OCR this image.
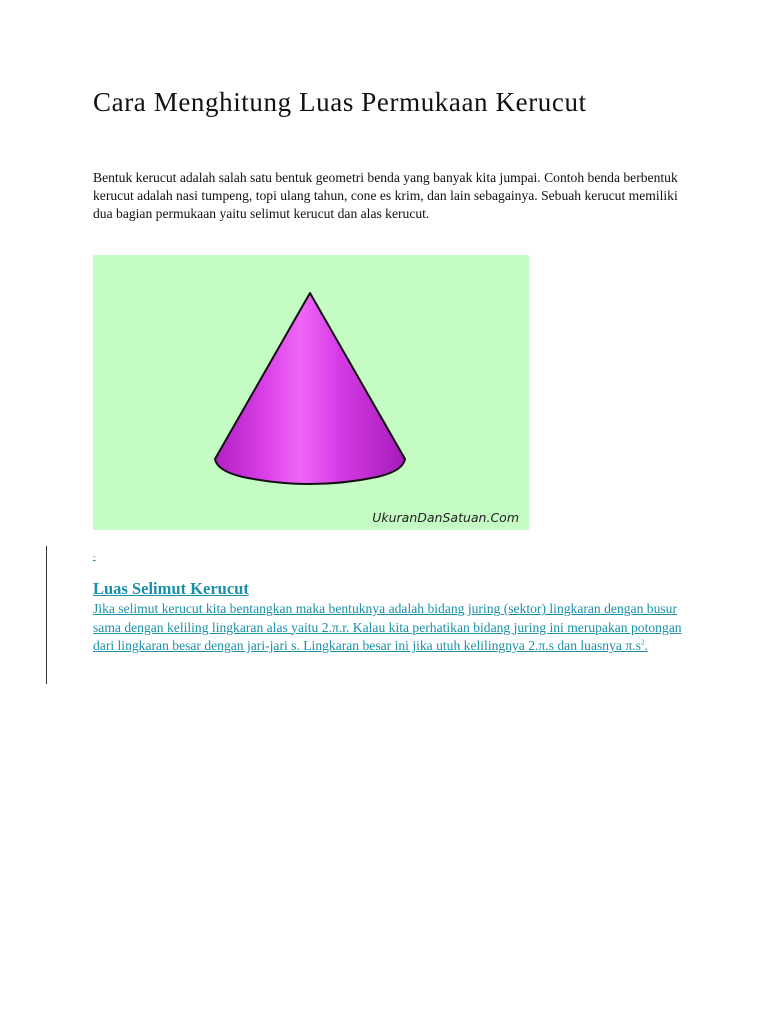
Cara Menghitung Luas Permukaan Kerucut

Bentuk kerucut adalah salah satu bentuk geometri benda yang banyak kita jumpai. Contoh benda berbentuk kerucut adalah nasi tumpeng, topi ulang tahun, cone es krim, dan lain sebagainya. Sebuah kerucut memiliki dua bagian permukaan yaitu selimut kerucut dan alas kerucut.

UkuranDanSatuan.Com
-
Luas Selimut Kerucut

Jika selimut kerucut kita bentangkan maka bentuknya adalah bidang juring (sektor) lingkaran dengan busur sama dengan keliling lingkaran alas yaitu 2.π.r. Kalau kita perhatikan bidang juring ini merupakan potongan dari lingkaran besar dengan jari-jari s. Lingkaran besar ini jika utuh kelilingnya 2.π.s dan luasnya $\pi.s^2$.
